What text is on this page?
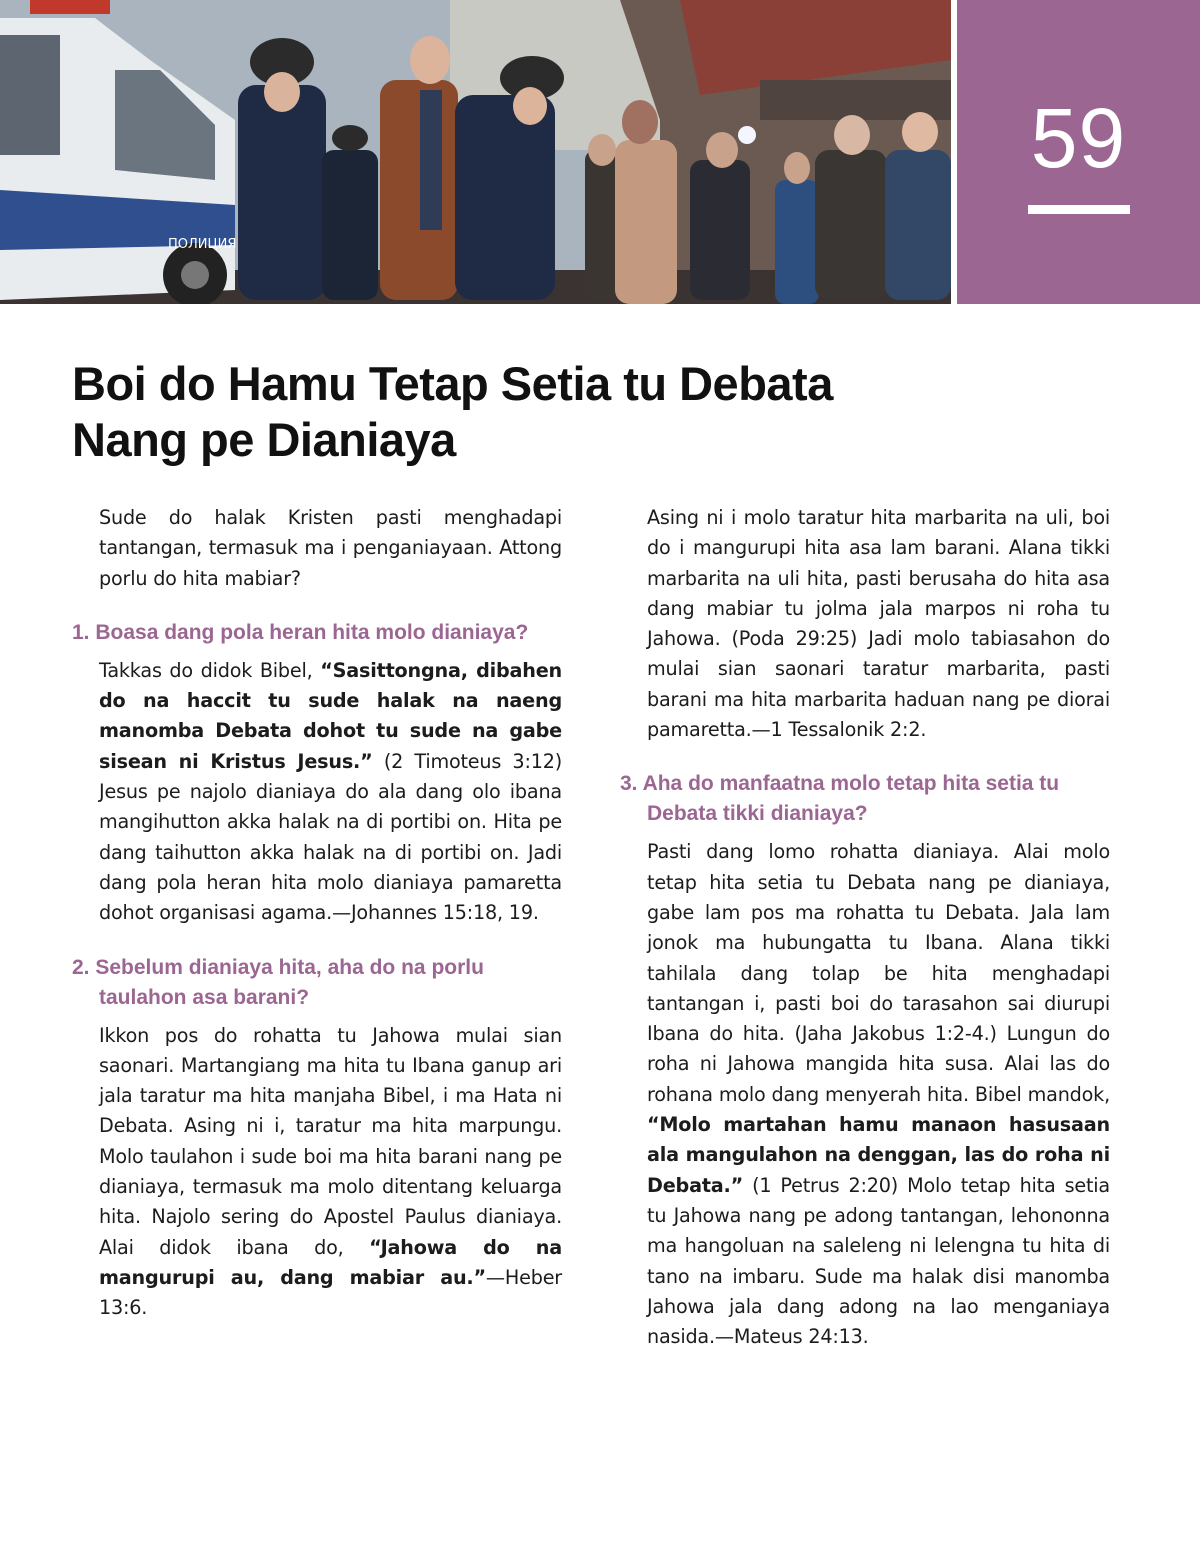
ПОЛИЦИЯ
59
Boi do Hamu Tetap Setia tu Debata
Nang pe Dianiaya

Sude do halak Kristen pasti menghadapi tantangan, termasuk ma i penganiayaan. Attong porlu do hita mabiar?

1. Boasa dang pola heran hita molo dianiaya?

Takkas do didok Bibel, “Sasittongna, dibahen do na haccit tu sude halak na naeng manomba Debata dohot tu sude na gabe sisean ni Kristus Jesus.” (2 Timoteus 3:12) Jesus pe najolo dianiaya do ala dang olo ibana mangihutton akka halak na di portibi on. Hita pe dang taihutton akka halak na di portibi on. Jadi dang pola heran hita molo dianiaya pamaretta dohot organisasi agama.—Johannes 15:18, 19.

2. Sebelum dianiaya hita, aha do na porlu taulahon asa barani?

Ikkon pos do rohatta tu Jahowa mulai sian saonari. Martangiang ma hita tu Ibana ganup ari jala taratur ma hita manjaha Bibel, i ma Hata ni Debata. Asing ni i, taratur ma hita marpungu. Molo taulahon i sude boi ma hita barani nang pe dianiaya, termasuk ma molo ditentang keluarga hita. Najolo sering do Apostel Paulus dianiaya. Alai didok ibana do, “Jahowa do na mangurupi au, dang mabiar au.”—Heber 13:6.

3. Aha do manfaatna molo tetap hita setia tu Debata tikki dianiaya?

Pasti dang lomo rohatta dianiaya. Alai molo tetap hita setia tu Debata nang pe dianiaya, gabe lam pos ma rohatta tu Debata. Jala lam jonok ma hubungatta tu Ibana. Alana tikki tahilala dang tolap be hita menghadapi tantangan i, pasti boi do tarasahon sai diurupi Ibana do hita. (Jaha Jakobus 1:2-4.) Lungun do roha ni Jahowa mangida hita susa. Alai las do rohana molo dang menyerah hita. Bibel mandok, “Molo martahan hamu manaon hasusaan ala mangulahon na denggan, las do roha ni Debata.” (1 Petrus 2:20) Molo tetap hita setia tu Jahowa nang pe adong tantangan, lehononna ma hangoluan na saleleng ni lelengna tu hita di tano na imbaru. Sude ma halak disi manomba Jahowa jala dang adong na lao menganiaya nasida.—Mateus 24:13.

Asing ni i molo taratur hita marbarita na uli, boi do i mangurupi hita asa lam barani. Alana tikki marbarita na uli hita, pasti berusaha do hita asa dang mabiar tu jolma jala marpos ni roha tu Jahowa. (Poda 29:25) Jadi molo tabiasahon do mulai sian saonari taratur marbarita, pasti barani ma hita marbarita haduan nang pe diorai pamaretta.—1 Tessalonik 2:2.
